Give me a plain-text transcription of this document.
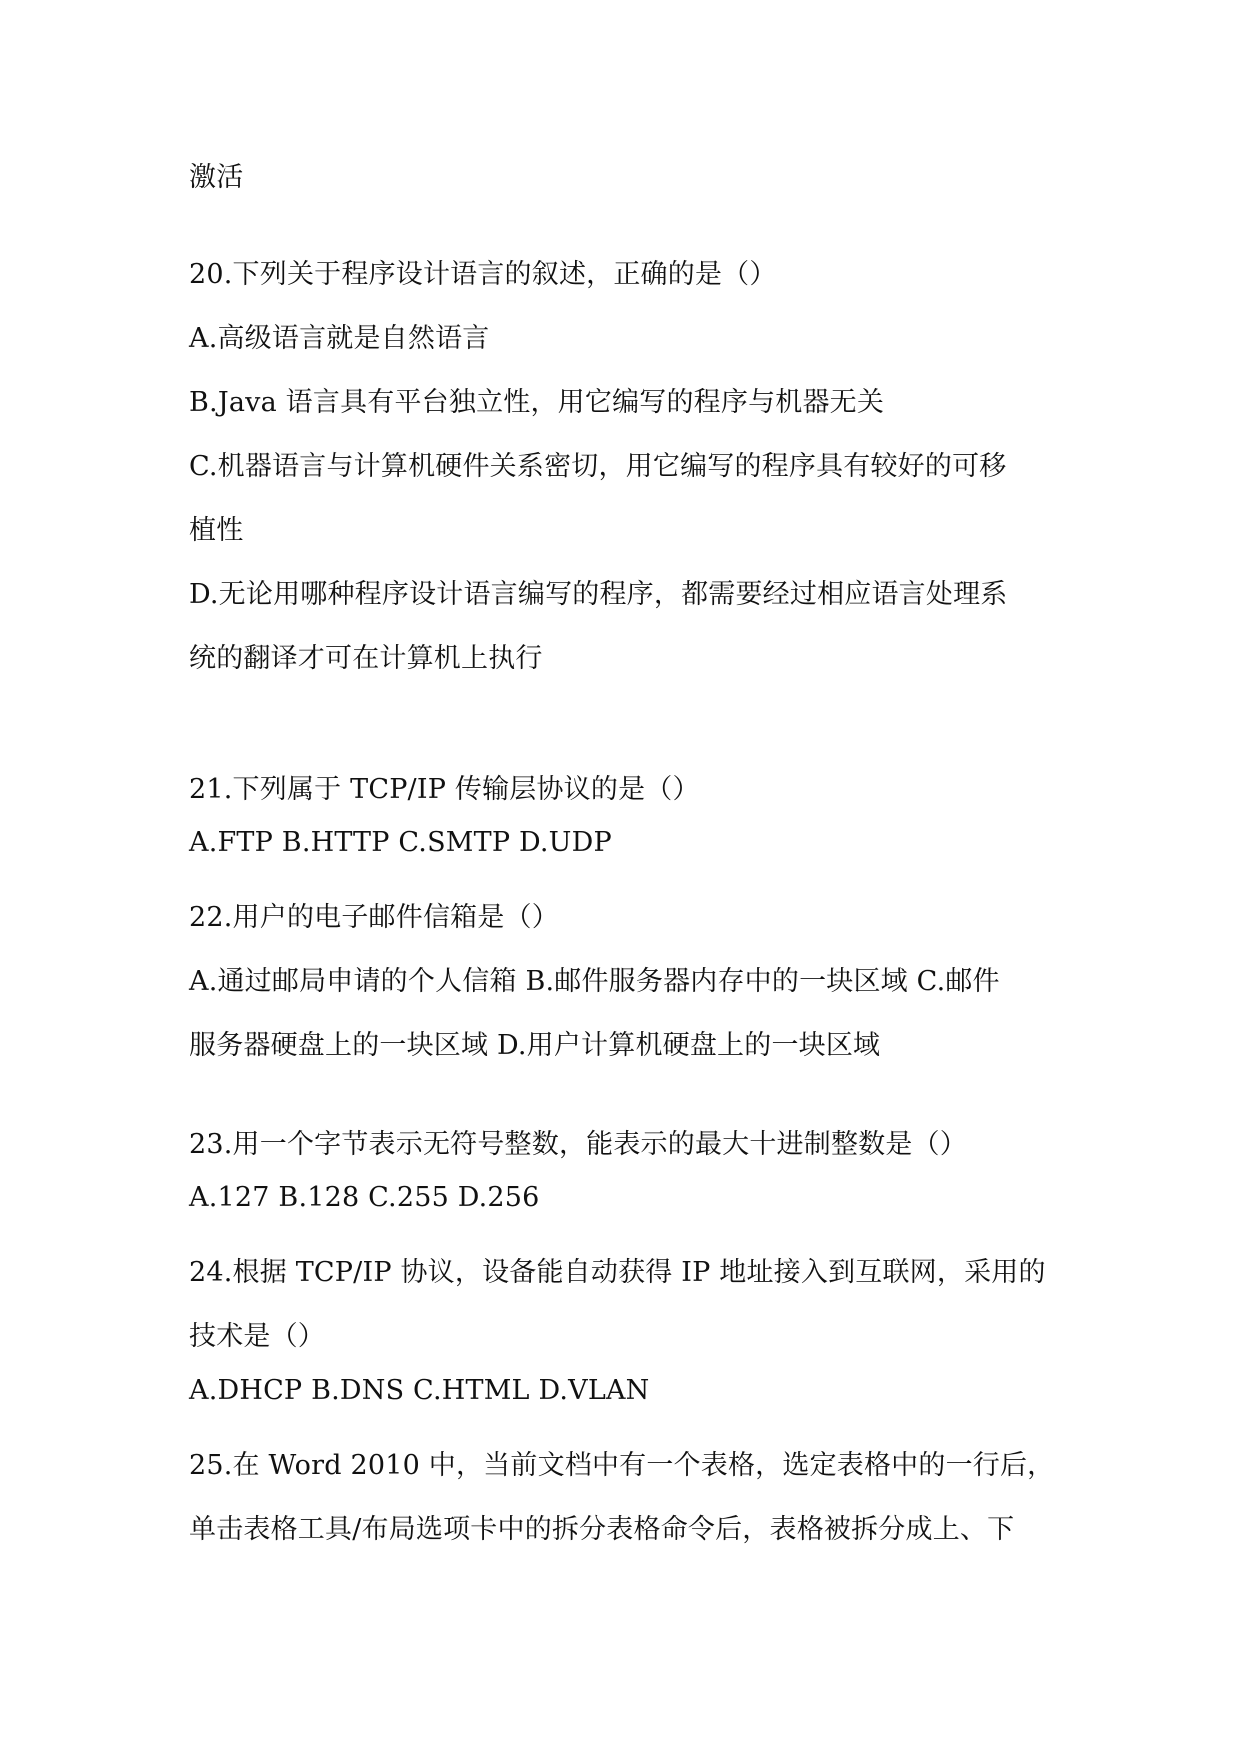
激活
20.下列关于程序设计语言的叙述，正确的是（）
A.高级语言就是自然语言
B.Java 语言具有平台独立性，用它编写的程序与机器无关
C.机器语言与计算机硬件关系密切，用它编写的程序具有较好的可移
植性
D.无论用哪种程序设计语言编写的程序，都需要经过相应语言处理系
统的翻译才可在计算机上执行
21.下列属于 TCP/IP 传输层协议的是（）
A.FTP B.HTTP C.SMTP D.UDP
22.用户的电子邮件信箱是（）
A.通过邮局申请的个人信箱 B.邮件服务器内存中的一块区域 C.邮件
服务器硬盘上的一块区域 D.用户计算机硬盘上的一块区域
23.用一个字节表示无符号整数，能表示的最大十进制整数是（）
A.127 B.128 C.255 D.256
24.根据 TCP/IP 协议，设备能自动获得 IP 地址接入到互联网，采用的
技术是（）
A.DHCP B.DNS C.HTML D.VLAN
25.在 Word 2010 中，当前文档中有一个表格，选定表格中的一行后，
单击表格工具/布局选项卡中的拆分表格命令后，表格被拆分成上、下
